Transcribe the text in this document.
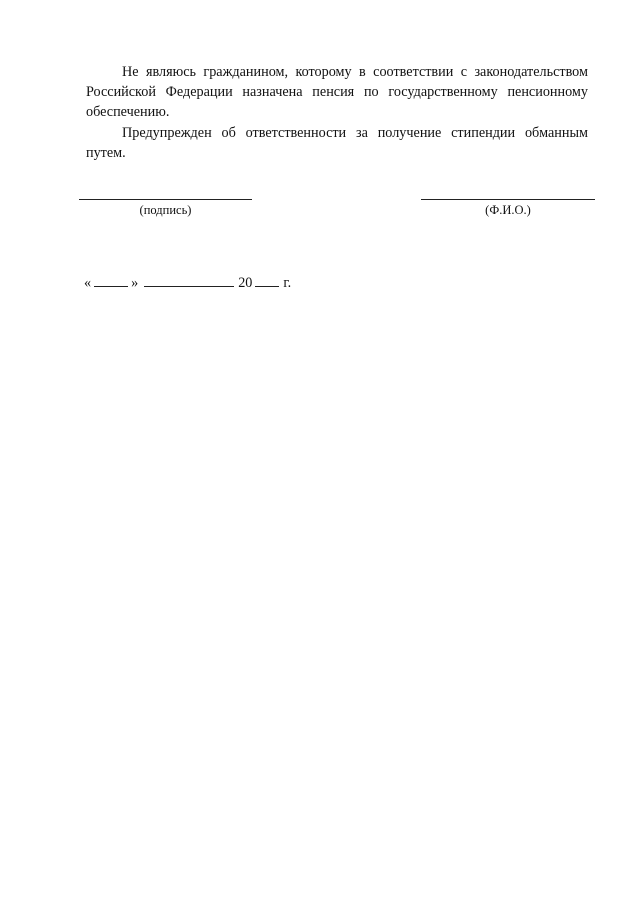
Не являюсь гражданином, которому в соответствии с законодательством Российской Федерации назначена пенсия по государственному пенсионному обеспечению.

Предупрежден об ответственности за получение стипендии обманным путем.

(подпись)	(Ф.И.О.)
«	»	20 г.
